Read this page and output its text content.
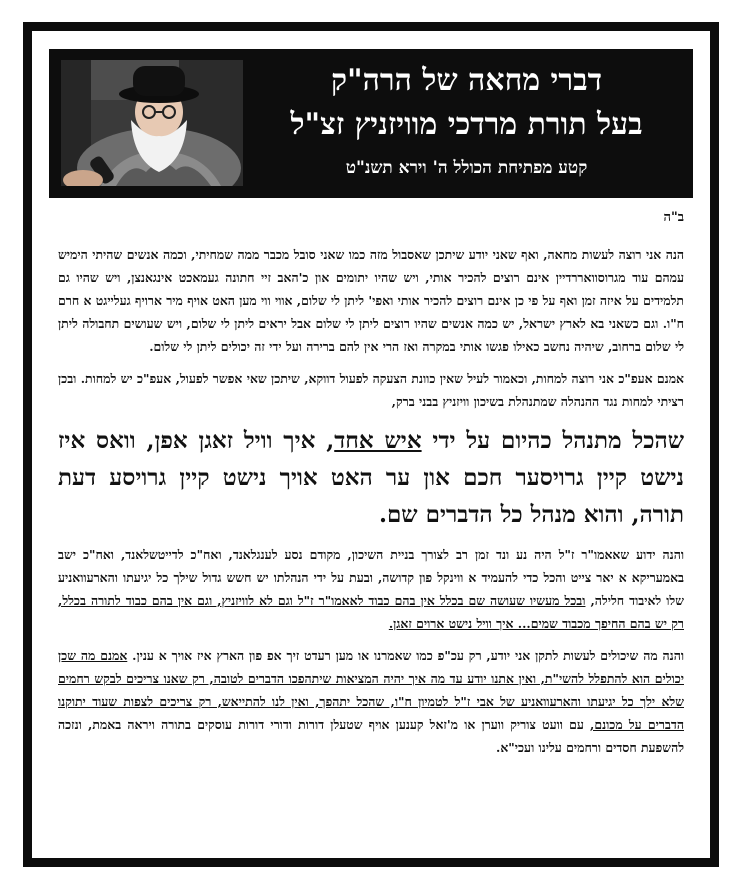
דברי מחאה של הרה"ק
בעל תורת מרדכי מוויזניץ זצ"ל
קטע מפתיחת הכולל ה' וירא תשנ"ט
ב"ה

הנה אני רוצה לעשות מחאה, ואף שאני יודע שיתכן שאסבול מזה כמו שאני סובל מכבר ממה שמחיתי, וכמה אנשים שהיתי הימיש עמהם עוד מגרוסוואררדיין אינם רוצים להכיר אותי, ויש שהיו יתומים און כ'האב זיי חתונה געמאכט אינגאנצן, ויש שהיו גם תלמידים על איזה זמן ואף על פי כן אינם רוצים להכיר אותי ואפי' ליתן לי שלום, אווי ווי מען האט אויף מיר ארויף געלייגט א חרם ח"ו. וגם כשאני בא לארץ ישראל, יש כמה אנשים שהיו רוצים ליתן לי שלום אבל יראים ליתן לי שלום, ויש שעושים תחבולה ליתן לי שלום ברחוב, שיהיה נחשב כאילו פגשו אותי במקרה ואז הרי אין להם ברירה ועל ידי זה יכולים ליתן לי שלום.

אמנם אעפ"כ אני רוצה למחות, וכאמור לעיל שאין כוונת הצעקה לפעול דווקא, שיתכן שאי אפשר לפעול, אעפ"כ יש למחות. ובכן רציתי למחות נגד ההנהלה שמתנהלת בשיכון וויזניץ בבני ברק,

שהכל מתנהל כהיום על ידי איש אחד, איך וויל זאגן אפן, וואס איז נישט קיין גרויסער חכם און ער האט אויך נישט קיין גרויסע דעת תורה, והוא מנהל כל הדברים שם.

והנה ידוע שאאמו"ר ז"ל היה נע ונד זמן רב לצורך בניית השיכון, מקודם נסע לענגלאנד, ואח"כ לדייטשלאנד, ואח"כ ישב באמעריקא א יאר צייט והכל כדי להעמיד א ווינקל פון קדושה, ובעת על ידי הנהלתו יש חשש גדול שילך כל יגיעתו והארעוואניע שלו לאיבוד חלילה, ובכל מעשיו שעושה שם בכלל אין בהם כבוד לאאמו"ר ז"ל וגם לא לוויזניץ, וגם אין בהם כבוד לתורה בכלל, רק יש בהם החיפך מכבוד שמים... איך וויל נישט ארוים זאגן.

והנה מה שיכולים לעשות לתקן אני יודע, רק עכ"פ כמו שאמרנו או מען רעדט זיך אפ פון הארץ איז אויך א ענין. אמנם מה שכן יכולים הוא להתפלל להשי"ת, ואין אתנו יודע עד מה איך יהיה המציאות שיתהפכו הדברים לטובה, רק שאנו צריכים לבקש רחמים שלא ילך כל יגיעתו והארעוואניע של אבי ז"ל לטמיון ח"ו, שהכל יתהפך, ואין לנו להתייאש, רק צריכים לצפות שעוד יתוקנו הדברים על מכונם, עם וועט צוריק ווערן או מ'זאל קענען אויף שטעלן דורות ודורי דורות עוסקים בתורה ויראה באמת, ונזכה להשפעת חסדים ורחמים עלינו ועכי"א.
